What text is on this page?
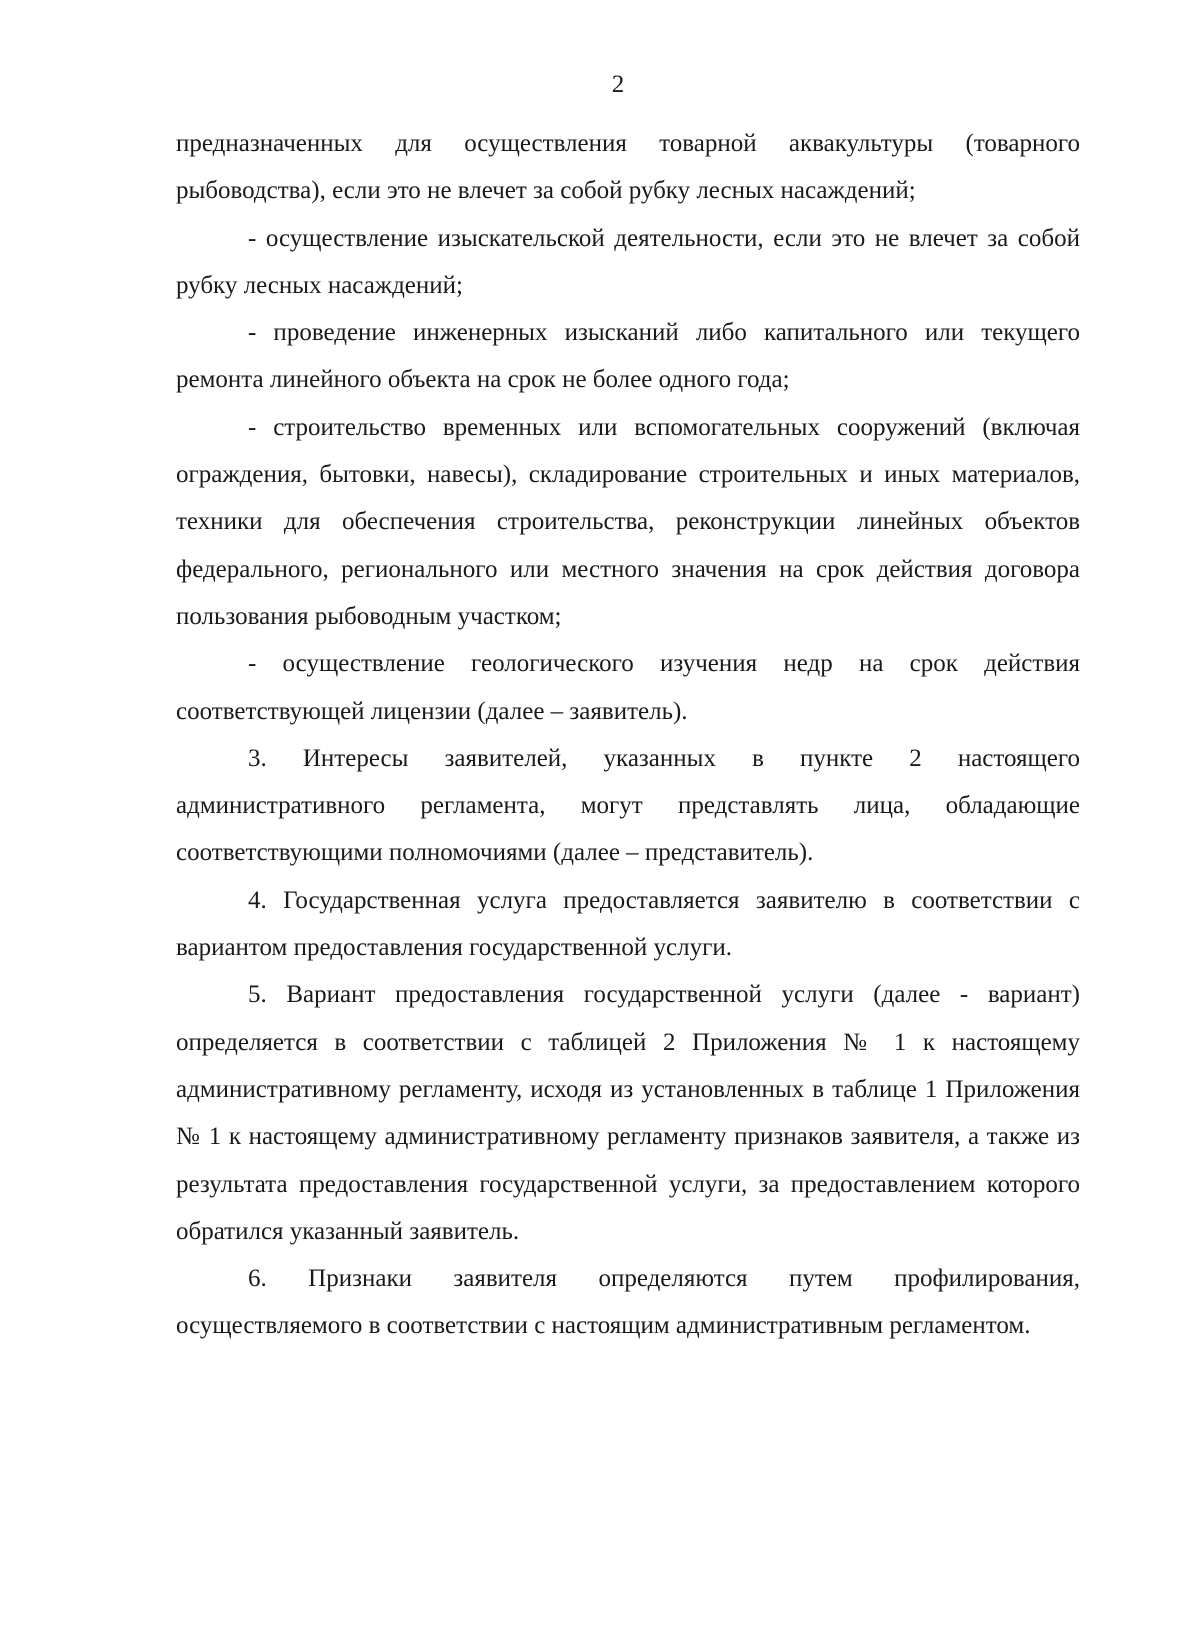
2

предназначенных для осуществления товарной аквакультуры (товарного рыбоводства), если это не влечет за собой рубку лесных насаждений;

- осуществление изыскательской деятельности, если это не влечет за собой рубку лесных насаждений;

- проведение инженерных изысканий либо капитального или текущего ремонта линейного объекта на срок не более одного года;

- строительство временных или вспомогательных сооружений (включая ограждения, бытовки, навесы), складирование строительных и иных материалов, техники для обеспечения строительства, реконструкции линейных объектов федерального, регионального или местного значения на срок действия договора пользования рыбоводным участком;

- осуществление геологического изучения недр на срок действия соответствующей лицензии (далее – заявитель).

3. Интересы заявителей, указанных в пункте 2 настоящего административного регламента, могут представлять лица, обладающие соответствующими полномочиями (далее – представитель).

4. Государственная услуга предоставляется заявителю в соответствии с вариантом предоставления государственной услуги.

5. Вариант предоставления государственной услуги (далее - вариант) определяется в соответствии с таблицей 2 Приложения № 1 к настоящему административному регламенту, исходя из установленных в таблице 1 Приложения № 1 к настоящему административному регламенту признаков заявителя, а также из результата предоставления государственной услуги, за предоставлением которого обратился указанный заявитель.

6. Признаки заявителя определяются путем профилирования, осуществляемого в соответствии с настоящим административным регламентом.
